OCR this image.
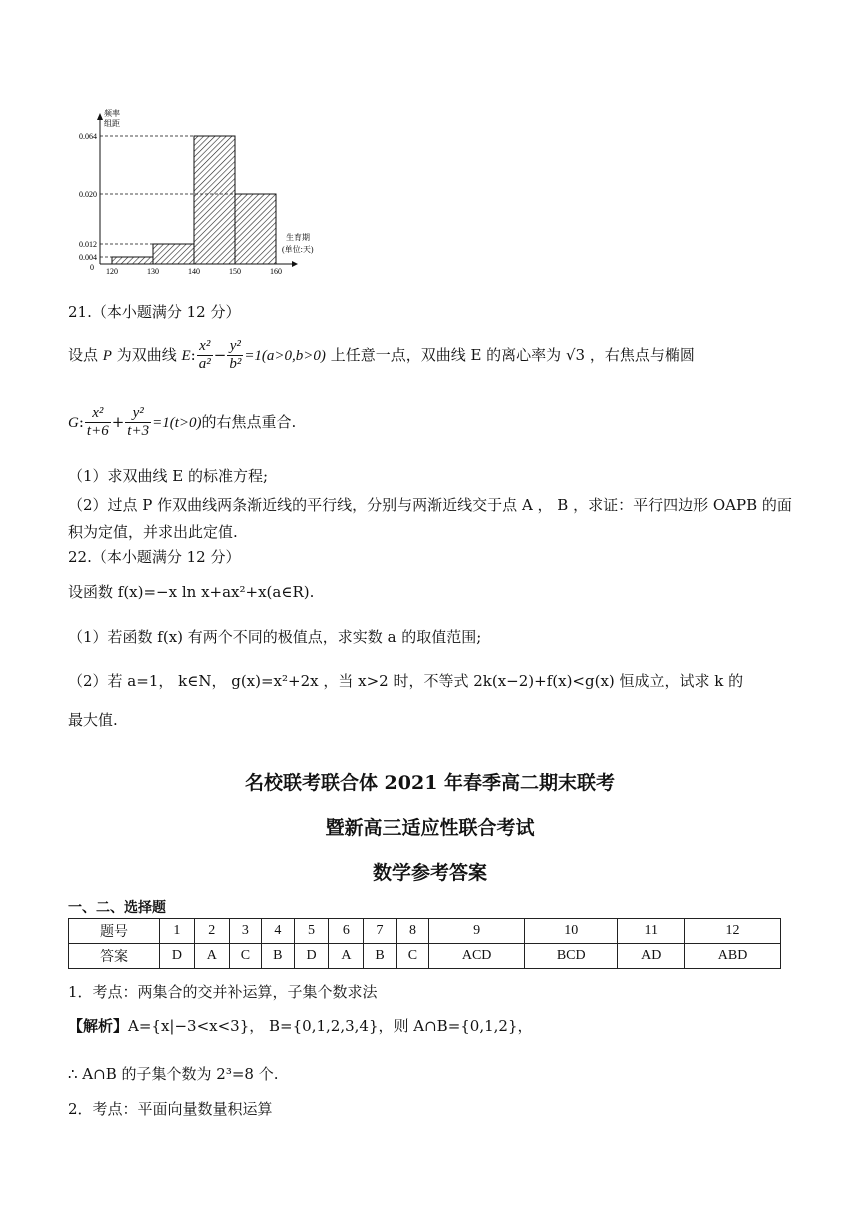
0.004
0.012
0.020
0.064
120	130	140	150	160
频率
组距
生育期
(单位:天)
0
21.（本小题满分 12 分）
设点 P 为双曲线 E: $\frac{\text{x²}}{\text{a²}} - \frac{\text{y²}}{\text{b²}} =1(a>0,b>0)$ 上任意一点，双曲线 E 的离心率为 √3 ，右焦点与椭圆
G: $\frac{\text{x²}}{t+6} + \frac{\text{y²}}{t+3} =1(t>0)$的右焦点重合.
（1）求双曲线 E 的标准方程;
（2）过点 P 作双曲线两条渐近线的平行线，分别与两渐近线交于点 A ， B ，求证：平行四边形 OAPB 的面
积为定值，并求出此定值.
22.（本小题满分 12 分）
设函数 f(x)=−x ln x+ax²+x(a∈R).
（1）若函数 f(x) 有两个不同的极值点，求实数 a 的取值范围;
（2）若 a=1， k∈N， g(x)=x²+2x ，当 x>2 时，不等式 2k(x−2)+f(x)<g(x) 恒成立，试求 k 的
最大值.
名校联考联合体 2021 年春季高二期末联考
暨新高三适应性联合考试
数学参考答案
一、二、选择题
题号	1	2	3	4	5	6	7	8	9	10	11	12
答案	D	A	C	B	D	A	B	C	ACD	BCD	AD	ABD
1．考点：两集合的交并补运算，子集个数求法
【解析】A={x|−3<x<3}， B={0,1,2,3,4}，则 A∩B={0,1,2}，
∴ A∩B 的子集个数为 2³=8 个.
2．考点：平面向量数量积运算
